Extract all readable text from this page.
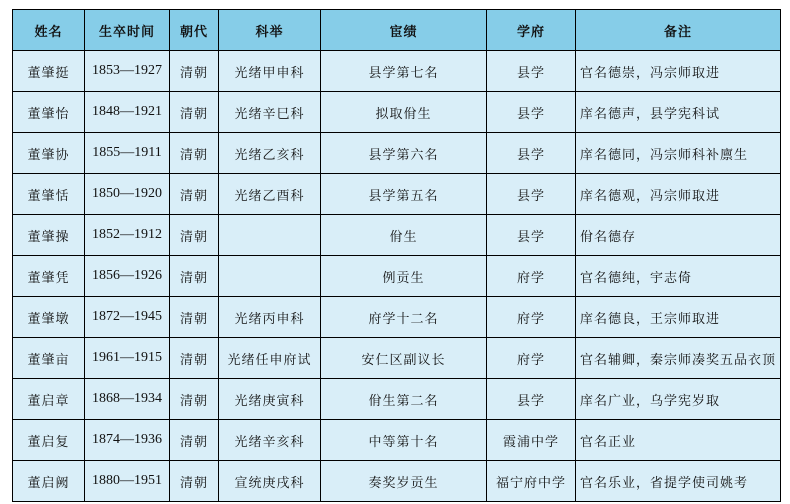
姓名	生卒时间	朝代	科举	宦绩	学府	备注
董肇挺	1853—1927	清朝	光绪甲申科	县学第七名	县学	官名德崇，冯宗师取进
董肇怡	1848—1921	清朝	光绪辛巳科	拟取佾生	县学	庠名德声，县学宪科试
董肇协	1855—1911	清朝	光绪乙亥科	县学第六名	县学	庠名德同，冯宗师科补廪生
董肇恬	1850—1920	清朝	光绪乙酉科	县学第五名	县学	庠名德观，冯宗师取进
董肇操	1852—1912	清朝		佾生	县学	佾名德存
董肇凭	1856—1926	清朝		例贡生	府学	官名德纯，宇志倚
董肇墩	1872—1945	清朝	光绪丙申科	府学十二名	府学	庠名德良，王宗师取进
董肇亩	1961—1915	清朝	光绪任申府试	安仁区副议长	府学	官名辅卿，秦宗师凑奖五品衣顶
董启章	1868—1934	清朝	光绪庚寅科	佾生第二名	县学	庠名广业，乌学宪岁取
董启复	1874—1936	清朝	光绪辛亥科	中等第十名	霞浦中学	官名正业
董启阙	1880—1951	清朝	宣统庚戌科	奏奖岁贡生	福宁府中学	官名乐业，省提学使司姚考
